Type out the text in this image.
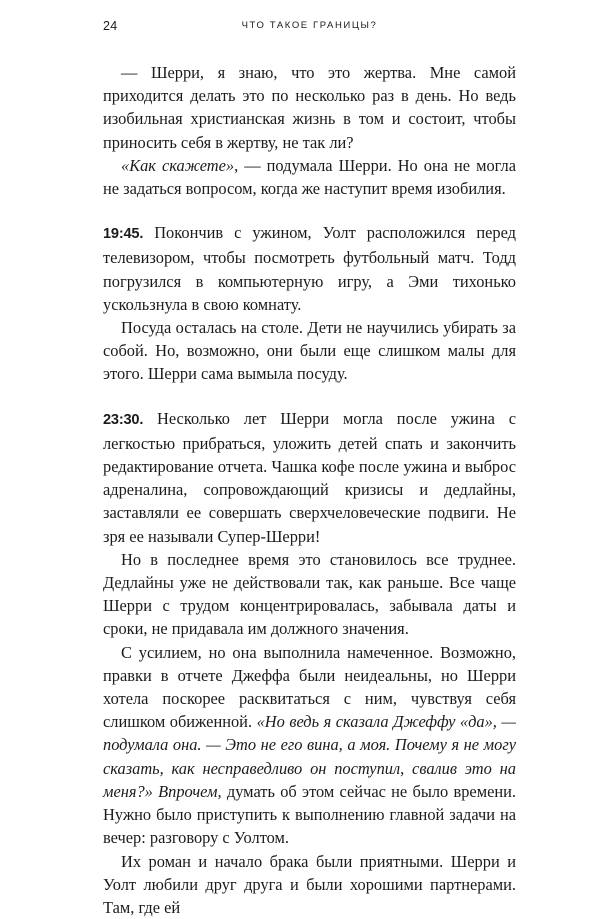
24	ЧТО ТАКОЕ ГРАНИЦЫ?

— Шерри, я знаю, что это жертва. Мне самой приходится делать это по несколько раз в день. Но ведь изобильная христианская жизнь в том и состоит, чтобы приносить себя в жертву, не так ли?

«Как скажете», — подумала Шерри. Но она не могла не задаться вопросом, когда же наступит время изобилия.

19:45. Покончив с ужином, Уолт расположился перед телевизором, чтобы посмотреть футбольный матч. Тодд погрузился в компьютерную игру, а Эми тихонько ускользнула в свою комнату.

Посуда осталась на столе. Дети не научились убирать за собой. Но, возможно, они были еще слишком малы для этого. Шерри сама вымыла посуду.

23:30. Несколько лет Шерри могла после ужина с легкостью прибраться, уложить детей спать и закончить редактирование отчета. Чашка кофе после ужина и выброс адреналина, сопровождающий кризисы и дедлайны, заставляли ее совершать сверхчеловеческие подвиги. Не зря ее называли Супер-Шерри!

Но в последнее время это становилось все труднее. Дедлайны уже не действовали так, как раньше. Все чаще Шерри с трудом концентрировалась, забывала даты и сроки, не придавала им должного значения.

С усилием, но она выполнила намеченное. Возможно, правки в отчете Джеффа были неидеальны, но Шерри хотела поскорее расквитаться с ним, чувствуя себя слишком обиженной. «Но ведь я сказала Джеффу «да», — подумала она. — Это не его вина, а моя. Почему я не могу сказать, как несправедливо он поступил, свалив это на меня?» Впрочем, думать об этом сейчас не было времени. Нужно было приступить к выполнению главной задачи на вечер: разговору с Уолтом.

Их роман и начало брака были приятными. Шерри и Уолт любили друг друга и были хорошими партнерами. Там, где ей
